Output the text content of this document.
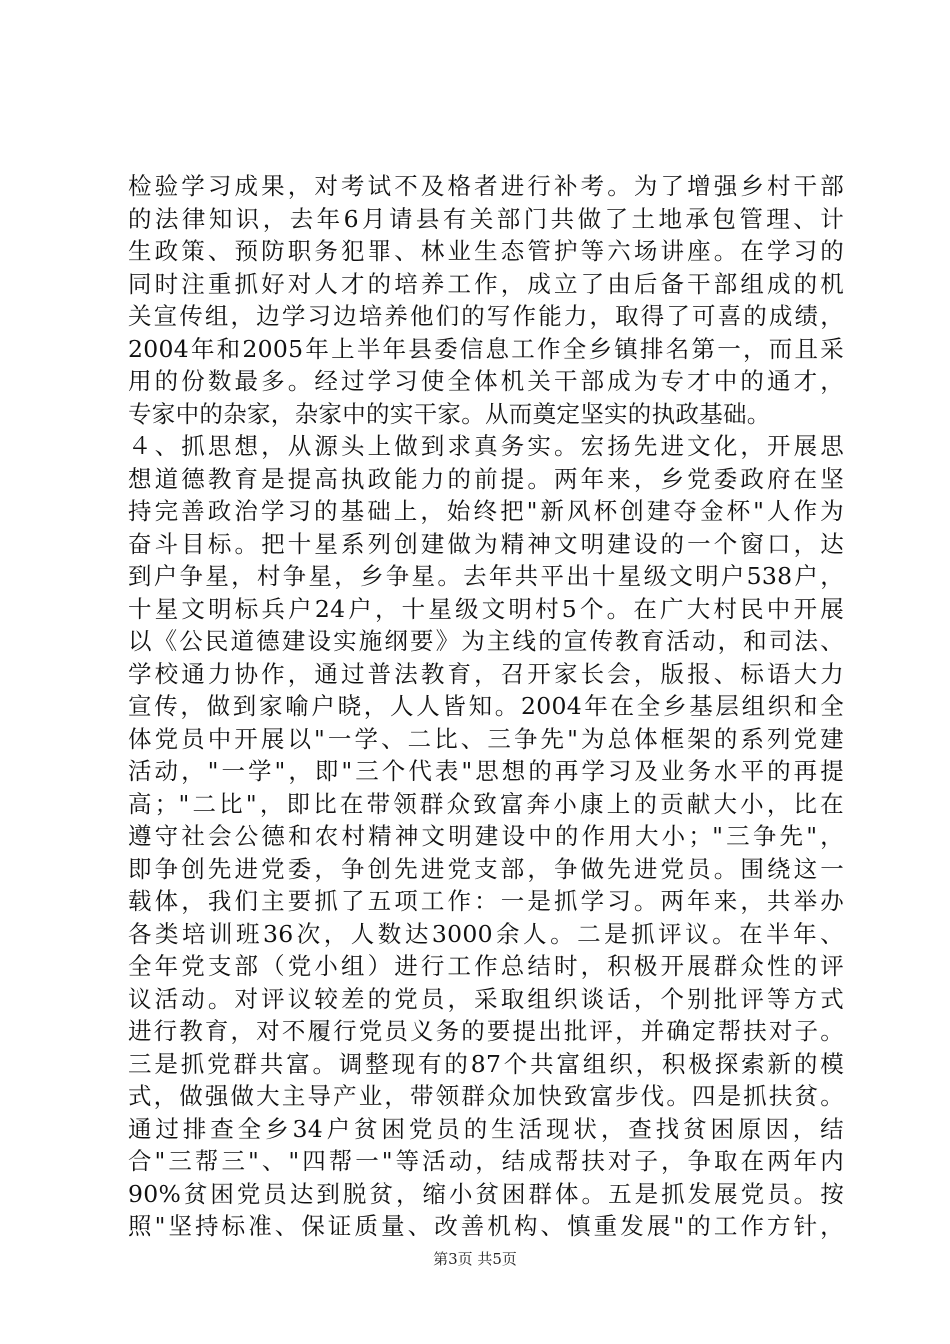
检验学习成果，对考试不及格者进行补考。为了增强乡村干部
的法律知识，去年6月请县有关部门共做了土地承包管理、计
生政策、预防职务犯罪、林业生态管护等六场讲座。在学习的
同时注重抓好对人才的培养工作，成立了由后备干部组成的机
关宣传组，边学习边培养他们的写作能力，取得了可喜的成绩，
2004年和2005年上半年县委信息工作全乡镇排名第一，而且采
用的份数最多。经过学习使全体机关干部成为专才中的通才，
专家中的杂家，杂家中的实干家。从而奠定坚实的执政基础。
４、抓思想，从源头上做到求真务实。宏扬先进文化，开展思
想道德教育是提高执政能力的前提。两年来，乡党委政府在坚
持完善政治学习的基础上，始终把"新风杯创建夺金杯"人作为
奋斗目标。把十星系列创建做为精神文明建设的一个窗口，达
到户争星，村争星，乡争星。去年共平出十星级文明户538户，
十星文明标兵户24户，十星级文明村5个。在广大村民中开展
以《公民道德建设实施纲要》为主线的宣传教育活动，和司法、
学校通力协作，通过普法教育，召开家长会，版报、标语大力
宣传，做到家喻户晓，人人皆知。2004年在全乡基层组织和全
体党员中开展以"一学、二比、三争先"为总体框架的系列党建
活动，"一学"，即"三个代表"思想的再学习及业务水平的再提
高；"二比"，即比在带领群众致富奔小康上的贡献大小，比在
遵守社会公德和农村精神文明建设中的作用大小；"三争先"，
即争创先进党委，争创先进党支部，争做先进党员。围绕这一
载体，我们主要抓了五项工作：一是抓学习。两年来，共举办
各类培训班36次，人数达3000余人。二是抓评议。在半年、
全年党支部（党小组）进行工作总结时，积极开展群众性的评
议活动。对评议较差的党员，采取组织谈话，个别批评等方式
进行教育，对不履行党员义务的要提出批评，并确定帮扶对子。
三是抓党群共富。调整现有的87个共富组织，积极探索新的模
式，做强做大主导产业，带领群众加快致富步伐。四是抓扶贫。
通过排查全乡34户贫困党员的生活现状，查找贫困原因，结
合"三帮三"、"四帮一"等活动，结成帮扶对子，争取在两年内
90%贫困党员达到脱贫，缩小贫困群体。五是抓发展党员。按
照"坚持标准、保证质量、改善机构、慎重发展"的工作方针，
第3页 共5页
